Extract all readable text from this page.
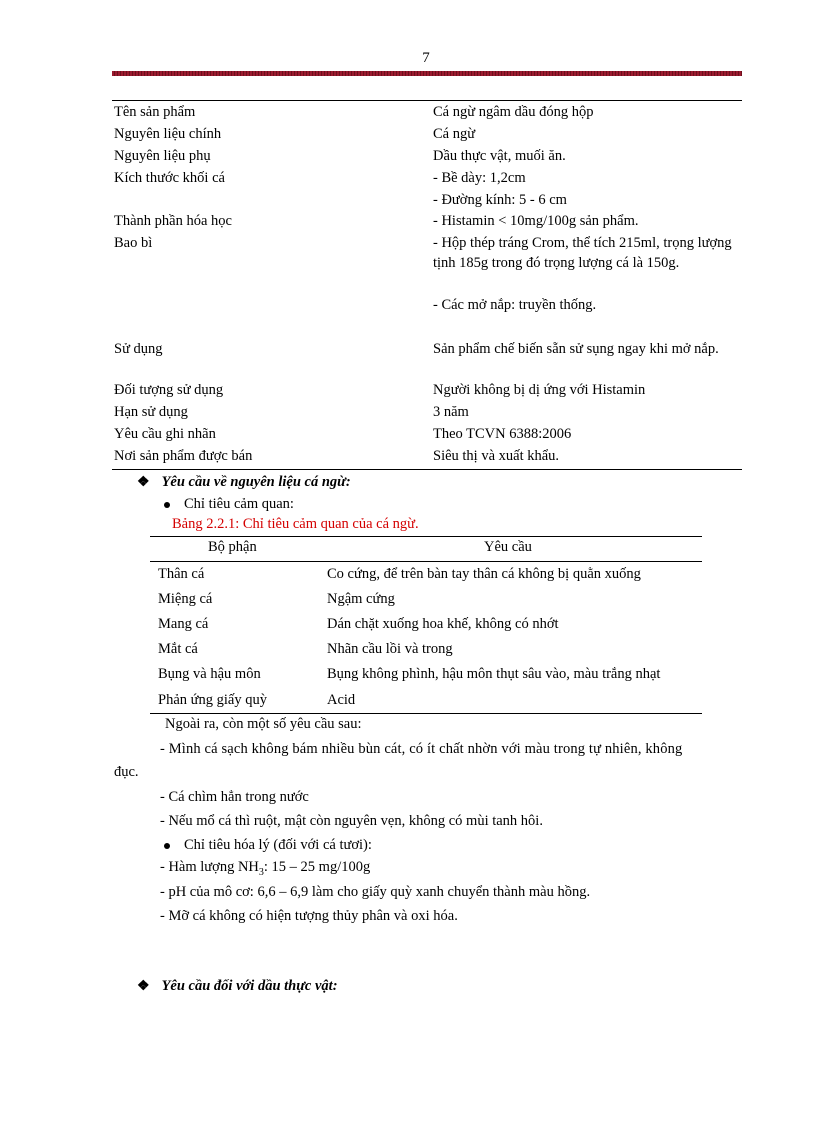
7
Tên sản phẩm	Cá ngừ ngâm dầu đóng hộp
Nguyên liệu chính	Cá ngừ
Nguyên liệu phụ	Dầu thực vật, muối ăn.
Kích thước khối cá	- Bề dày: 1,2cm
- Đường kính: 5 - 6 cm
Thành phần hóa học	- Histamin < 10mg/100g sản phẩm.
Bao bì	- Hộp thép tráng Crom, thể tích 215ml, trọng lượng tịnh 185g trong đó trọng lượng cá là 150g.
- Các mở nắp: truyền thống.
Sử dụng	Sản phẩm chế biến sẵn sử sụng ngay khi mở nắp.
Đối tượng sử dụng	Người không bị dị ứng với Histamin
Hạn sử dụng	3 năm
Yêu cầu ghi nhãn	Theo TCVN 6388:2006
Nơi sản phẩm được bán	Siêu thị và xuất khẩu.
❖ Yêu cầu về nguyên liệu cá ngừ:
Chỉ tiêu cảm quan:
Bảng 2.2.1: Chỉ tiêu cảm quan của cá ngừ.
Bộ phận	Yêu cầu
Thân cá	Co cứng, để trên bàn tay thân cá không bị quằn xuống
Miệng cá	Ngậm cứng
Mang cá	Dán chặt xuống hoa khế, không có nhớt
Mắt cá	Nhãn cầu lồi và trong
Bụng và hậu môn	Bụng không phình, hậu môn thụt sâu vào, màu trắng nhạt
Phản ứng giấy quỳ	Acid
Ngoài ra, còn một số yêu cầu sau:
- Mình cá sạch không bám nhiều bùn cát, có ít chất nhờn với màu trong tự nhiên, không
đục.
- Cá chìm hẳn trong nước
- Nếu mổ cá thì ruột, mật còn nguyên vẹn, không có mùi tanh hôi.
Chỉ tiêu hóa lý (đối với cá tươi):
- Hàm lượng $NH_3$: 15 – 25 mg/100g
- pH của mô cơ: 6,6 – 6,9 làm cho giấy quỳ xanh chuyển thành màu hồng.
- Mỡ cá không có hiện tượng thủy phân và oxi hóa.
❖ Yêu cầu đối với dầu thực vật:
